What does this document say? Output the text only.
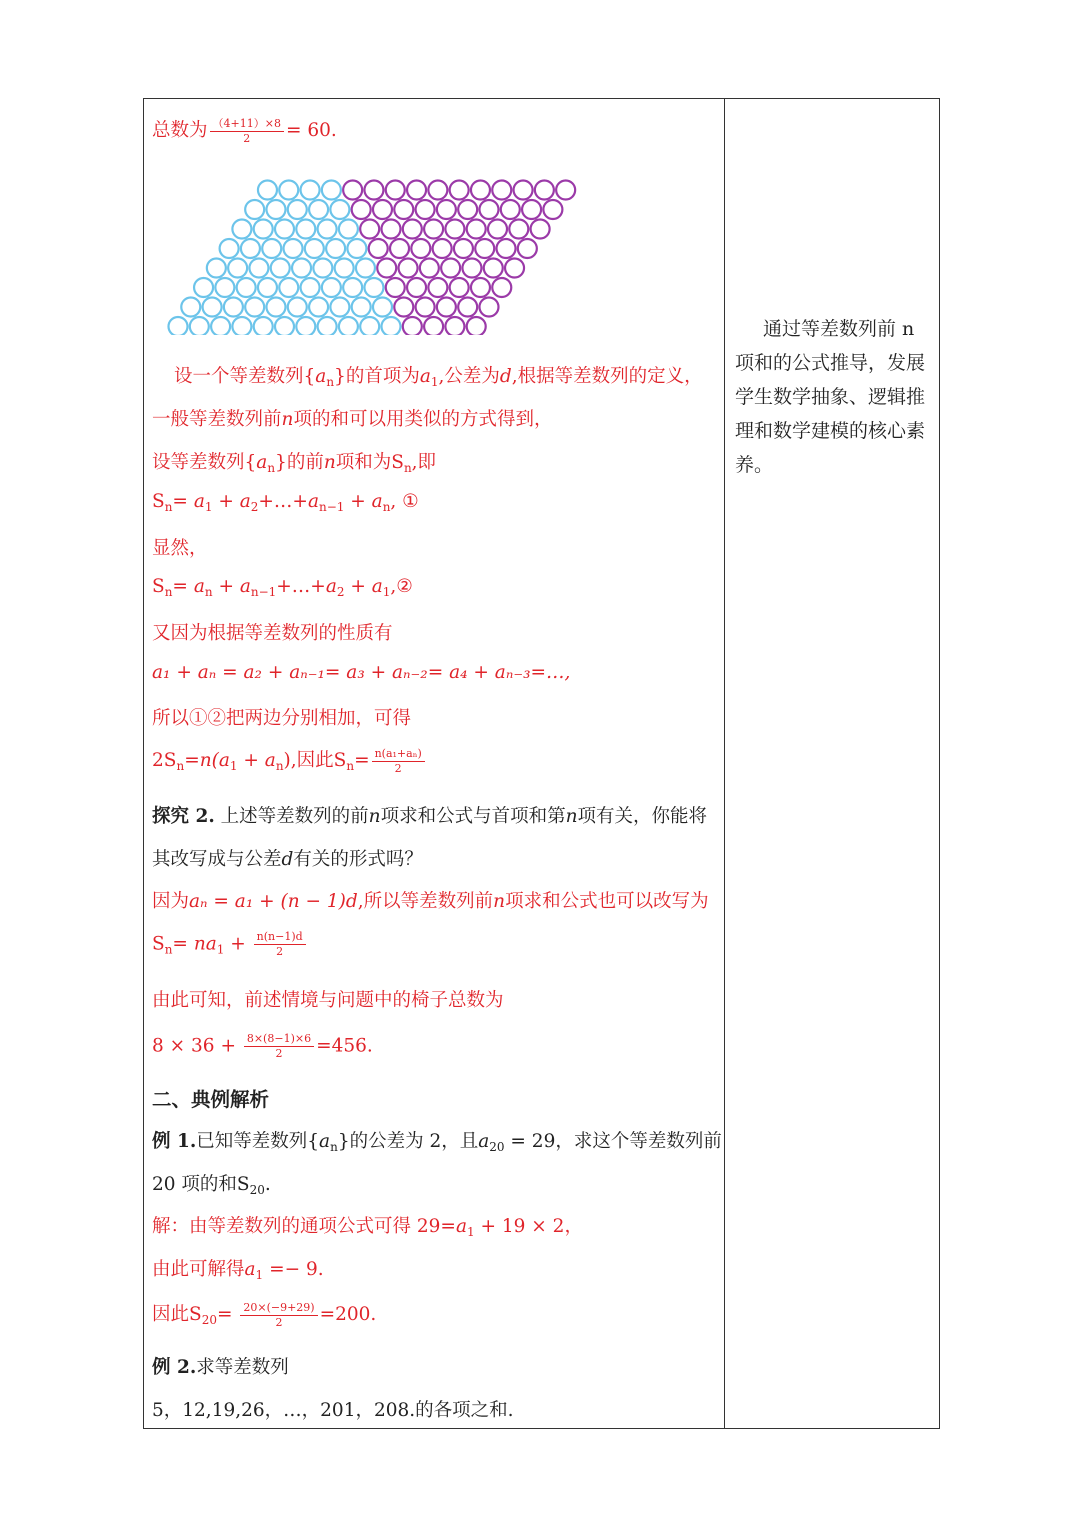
总数为 $\frac{(4+11)\times 8}{2} = 60$.
设一个等差数列$\{a_n\}$的首项为$a_1$,公差为d,根据等差数列的定义，
一般等差数列前n项的和可以用类似的方式得到，
设等差数列$\{a_n\}$的前n项和为$S_n$,即
$S_n= a_1$ + $a_2+\dots+a_{n-1} + a_n$, ①
显然，
$S_n= a_n$ + $a_{n-1}+\dots+a_2$ + $a_1,②$
又因为根据等差数列的性质有
a₁ + aₙ = a₂ + aₙ₋₁= a₃ + aₙ₋₂= a₄ + aₙ₋₃=…,
所以①②把两边分别相加，可得
$2S_n=n(a_1 + a_n)$,因此$S_n= \frac{\text{n(a₁+aₙ)}}{2}$
探究 2. 上述等差数列的前n项求和公式与首项和第n项有关，你能将
其改写成与公差d有关的形式吗？
因为aₙ = a₁ + (n − 1)d,所以等差数列前n项求和公式也可以改写为
$S_n= na_1 + \frac{n(n-1)d}{2}$
由此可知，前述情境与问题中的椅子总数为
$8 \times 36 + \frac{8\times(8-1)\times 6}{2} =456$.
二、典例解析
例 1.已知等差数列$\{a_n\}$的公差为 2，且$a_{20} = 29$，求这个等差数列前
20 项的和$S_{20}$.
解：由等差数列的通项公式可得 $29=a_1 + 19 \times 2$，
由此可解得$a_1 =- 9$.
因此$S_{20}= \frac{20\times(-9+29)}{2} =200$.
例 2.求等差数列
5，12,19,26，…，201，208.的各项之和.
通过等差数列前 n
项和的公式推导，发展
学生数学抽象、逻辑推
理和数学建模的核心素
养。
